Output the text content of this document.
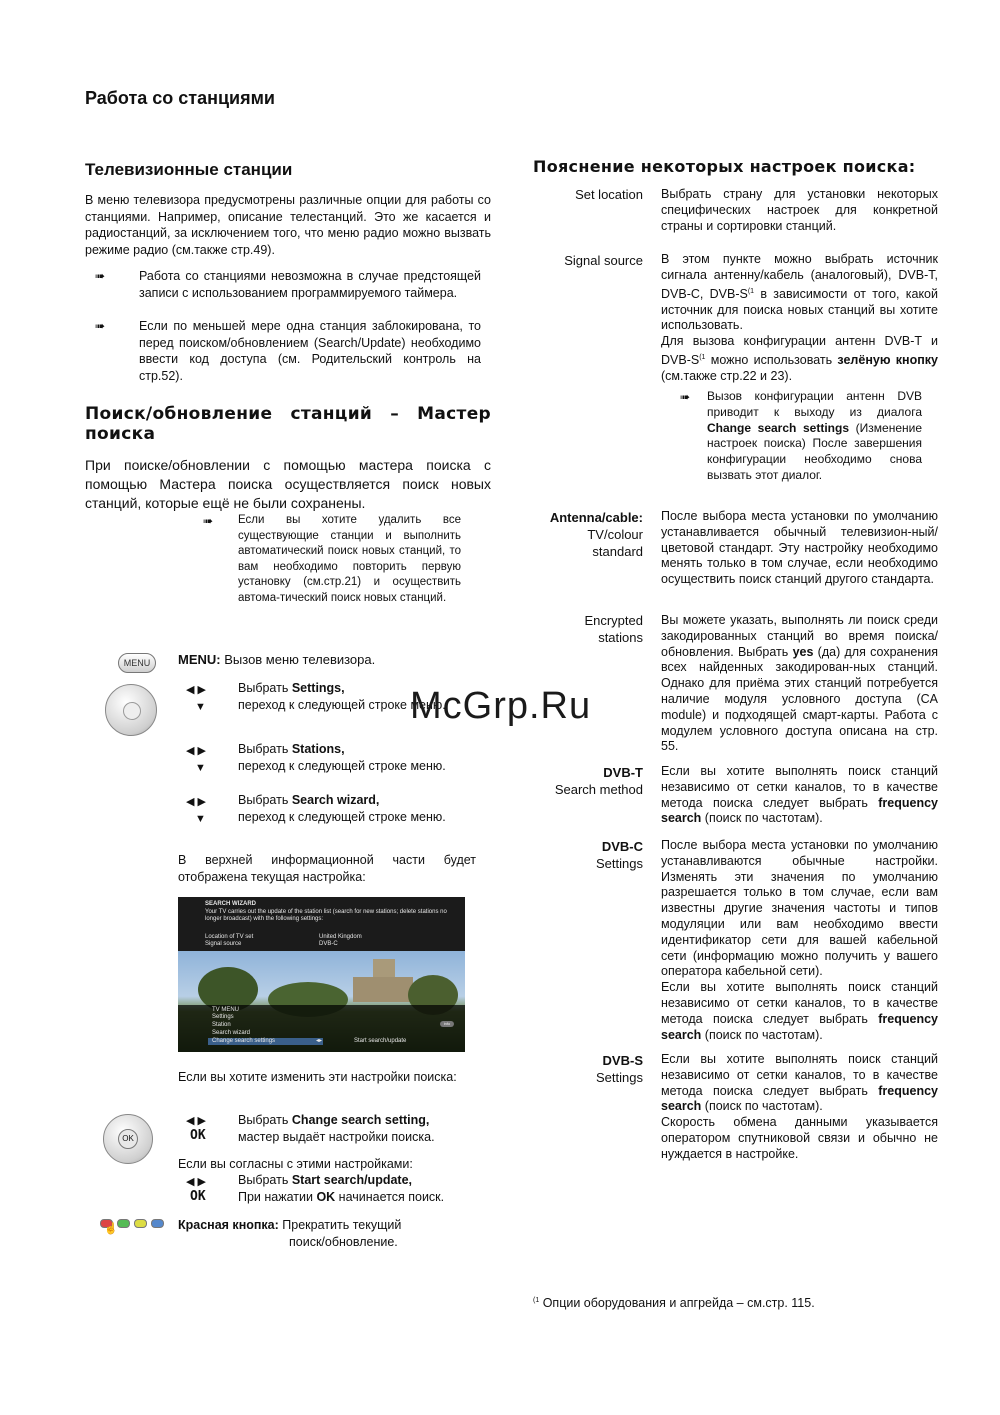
Работа со станциями
Телевизионные станции
В меню телевизора предусмотрены различные опции для работы со станциями. Например, описание телестанций. Это же касается и радиостанций, за исключением того, что меню радио можно вызвать режиме радио (см.также стр.49).
➠	Работа со станциями невозможна в случае предстоящей записи с использованием программируемого таймера.
➠	Если по меньшей мере одна станция заблокирована, то перед поиском/обновлением (Search/Update) необходимо ввести код доступа (см. Родительский контроль на стр.52).
Поиск/обновление станций – Мастер
поиска
При поиске/обновлении с помощью мастера поиска с помощью Мастера поиска осуществляется поиск новых станций, которые ещё не были сохранены.
➠ Если вы хотите удалить все существующие станции и выполнить автоматический поиск новых станций, то вам необходимо повторить первую установку (см.стр.21) и осуществить автома-тический поиск новых станций.
MENU	MENU: Вызов меню телевизора.
◀ ▶
▼
Выбрать Settings,
переход к следующей строке меню.
◀ ▶
▼
Выбрать Stations,
переход к следующей строке меню.
◀ ▶
▼
Выбрать Search wizard,
переход к следующей строке меню.
В верхней информационной части будет отображена текущая настройка:
SEARCH WIZARD
Your TV carries out the update of the station list (search for new stations; delete stations no longer broadcast) with the following settings:
Location of TV set	United Kingdom
Signal source	DVB-C
TV MENU
Settings
Station
Search wizard
Change search settings	◂▸	Start search/update
info
Если вы хотите изменить эти настройки поиска:
OK
◀ ▶
OK
Выбрать Change search setting,
мастер выдаёт настройки поиска.
Если вы согласны с этими настройками:
◀ ▶
OK
Выбрать Start search/update,
При нажатии OK начинается поиск.
☝	Красная кнопка: Прекратить текущий
поиск/обновление.
Пояснение некоторых настроек поиска:
Set location Выбрать страну для установки некоторых специфических настроек для конкретной страны и сортировки станций.
Signal source В этом пункте можно выбрать источник сигнала антенну/кабель (аналоговый), DVB-T, DVB-C, DVB-$S^{(1}$ в зависимости от того, какой источник для поиска новых станций вы хотите использовать.
Для вызова конфигурации антенн DVB-T и DVB-$S^{(1}$ можно использовать зелёную кнопку (см.также стр.22 и 23).
➠ Вызов конфигурации антенн DVB приводит к выходу из диалога Change search settings (Изменение настроек поиска) После завершения конфигурации необходимо снова вызвать этот диалог.
Antenna/cable:
TV/colour
standard
После выбора места установки по умолчанию устанавливается обычный телевизион-ный/цветовой стандарт. Эту настройку необходимо менять только в том случае, если необходимо осуществить поиск станций другого стандарта.
Encrypted
stations
Вы можете указать, выполнять ли поиск среди закодированных станций во время поиска/обновления. Выбрать yes (да) для сохранения всех найденных закодирован-ных станций. Однако для приёма этих станций потребуется наличие модуля условного доступа (CA module) и подходящей смарт-карты. Работа с модулем условного доступа описана на стр. 55.
DVB-T
Search method
Если вы хотите выполнять поиск станций независимо от сетки каналов, то в качестве метода поиска следует выбрать frequency search (поиск по частотам).
DVB-C
Settings
После выбора места установки по умолчанию устанавливаются обычные настройки. Изменять эти значения по умолчанию разрешается только в том случае, если вам известны другие значения частоты и типов модуляции или вам необходимо ввести идентификатор сети для вашей кабельной сети (информацию можно получить у вашего оператора кабельной сети).
Если вы хотите выполнять поиск станций независимо от сетки каналов, то в качестве метода поиска следует выбрать frequency search (поиск по частотам).
DVB-S
Settings
Если вы хотите выполнять поиск станций независимо от сетки каналов, то в качестве метода поиска следует выбрать frequency search (поиск по частотам).
Скорость обмена данными указывается оператором спутниковой связи и обычно не нуждается в настройке.
$^{(1}$ Опции оборудования и апгрейда – см.стр. 115.
McGrp.Ru
